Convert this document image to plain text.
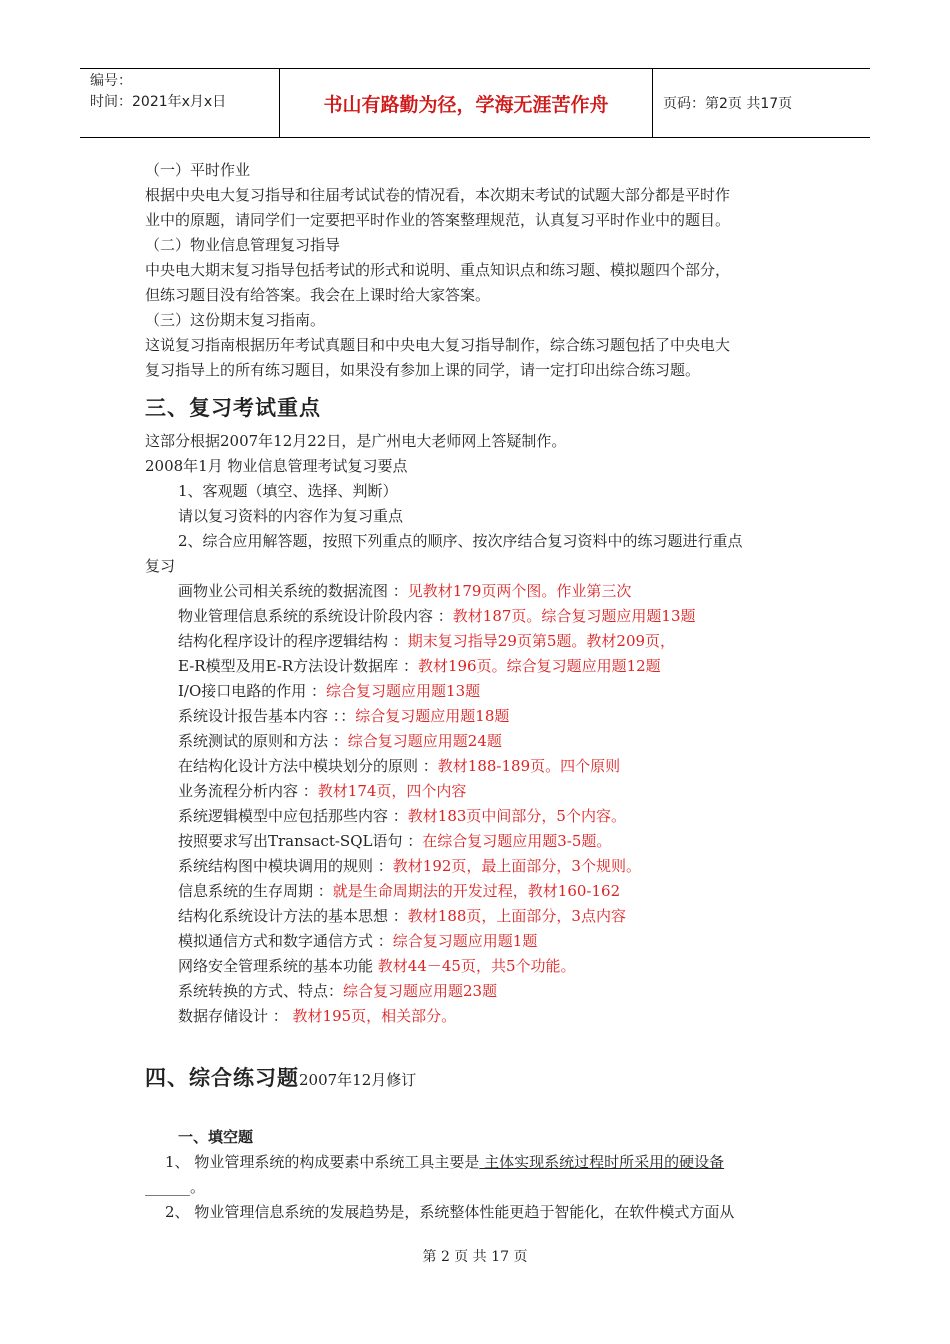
编号：
时间：2021年x月x日	书山有路勤为径，学海无涯苦作舟	页码：第2页 共17页
（一）平时作业
根据中央电大复习指导和往届考试试卷的情况看，本次期末考试的试题大部分都是平时作
业中的原题，请同学们一定要把平时作业的答案整理规范，认真复习平时作业中的题目。
（二）物业信息管理复习指导
中央电大期末复习指导包括考试的形式和说明、重点知识点和练习题、模拟题四个部分，
但练习题目没有给答案。我会在上课时给大家答案。
（三）这份期末复习指南。
这说复习指南根据历年考试真题目和中央电大复习指导制作，综合练习题包括了中央电大
复习指导上的所有练习题目，如果没有参加上课的同学，请一定打印出综合练习题。
三、复习考试重点
这部分根据2007年12月22日，是广州电大老师网上答疑制作。
2008年1月 物业信息管理考试复习要点
1、客观题（填空、选择、判断）
请以复习资料的内容作为复习重点
2、综合应用解答题，按照下列重点的顺序、按次序结合复习资料中的练习题进行重点
复习
画物业公司相关系统的数据流图 ：见教材179页两个图。作业第三次
物业管理信息系统的系统设计阶段内容 ：教材187页。综合复习题应用题13题
结构化程序设计的程序逻辑结构 ：期末复习指导29页第5题。教材209页，
E-R模型及用E-R方法设计数据库 ：教材196页。综合复习题应用题12题
I/O接口电路的作用 ：综合复习题应用题13题
系统设计报告基本内容 ：：综合复习题应用题18题
系统测试的原则和方法 ：综合复习题应用题24题
在结构化设计方法中模块划分的原则 ：教材188-189页。四个原则
业务流程分析内容 ：教材174页，四个内容
系统逻辑模型中应包括那些内容 ：教材183页中间部分，5个内容。
按照要求写出Transact-SQL语句 ：在综合复习题应用题3-5题。
系统结构图中模块调用的规则 ：教材192页，最上面部分，3个规则。
信息系统的生存周期 ：就是生命周期法的开发过程，教材160-162
结构化系统设计方法的基本思想 ：教材188页，上面部分，3点内容
模拟通信方式和数字通信方式 ：综合复习题应用题1题
网络安全管理系统的基本功能 教材44－45页，共5个功能。
系统转换的方式、特点：综合复习题应用题23题
数据存储设计 ： 教材195页，相关部分。
四、综合练习题2007年12月修订
一、填空题
1、 物业管理系统的构成要素中系统工具主要是 主体实现系统过程时所采用的硬设备
______。
2、 物业管理信息系统的发展趋势是，系统整体性能更趋于智能化，在软件模式方面从
第 2 页 共 17 页
